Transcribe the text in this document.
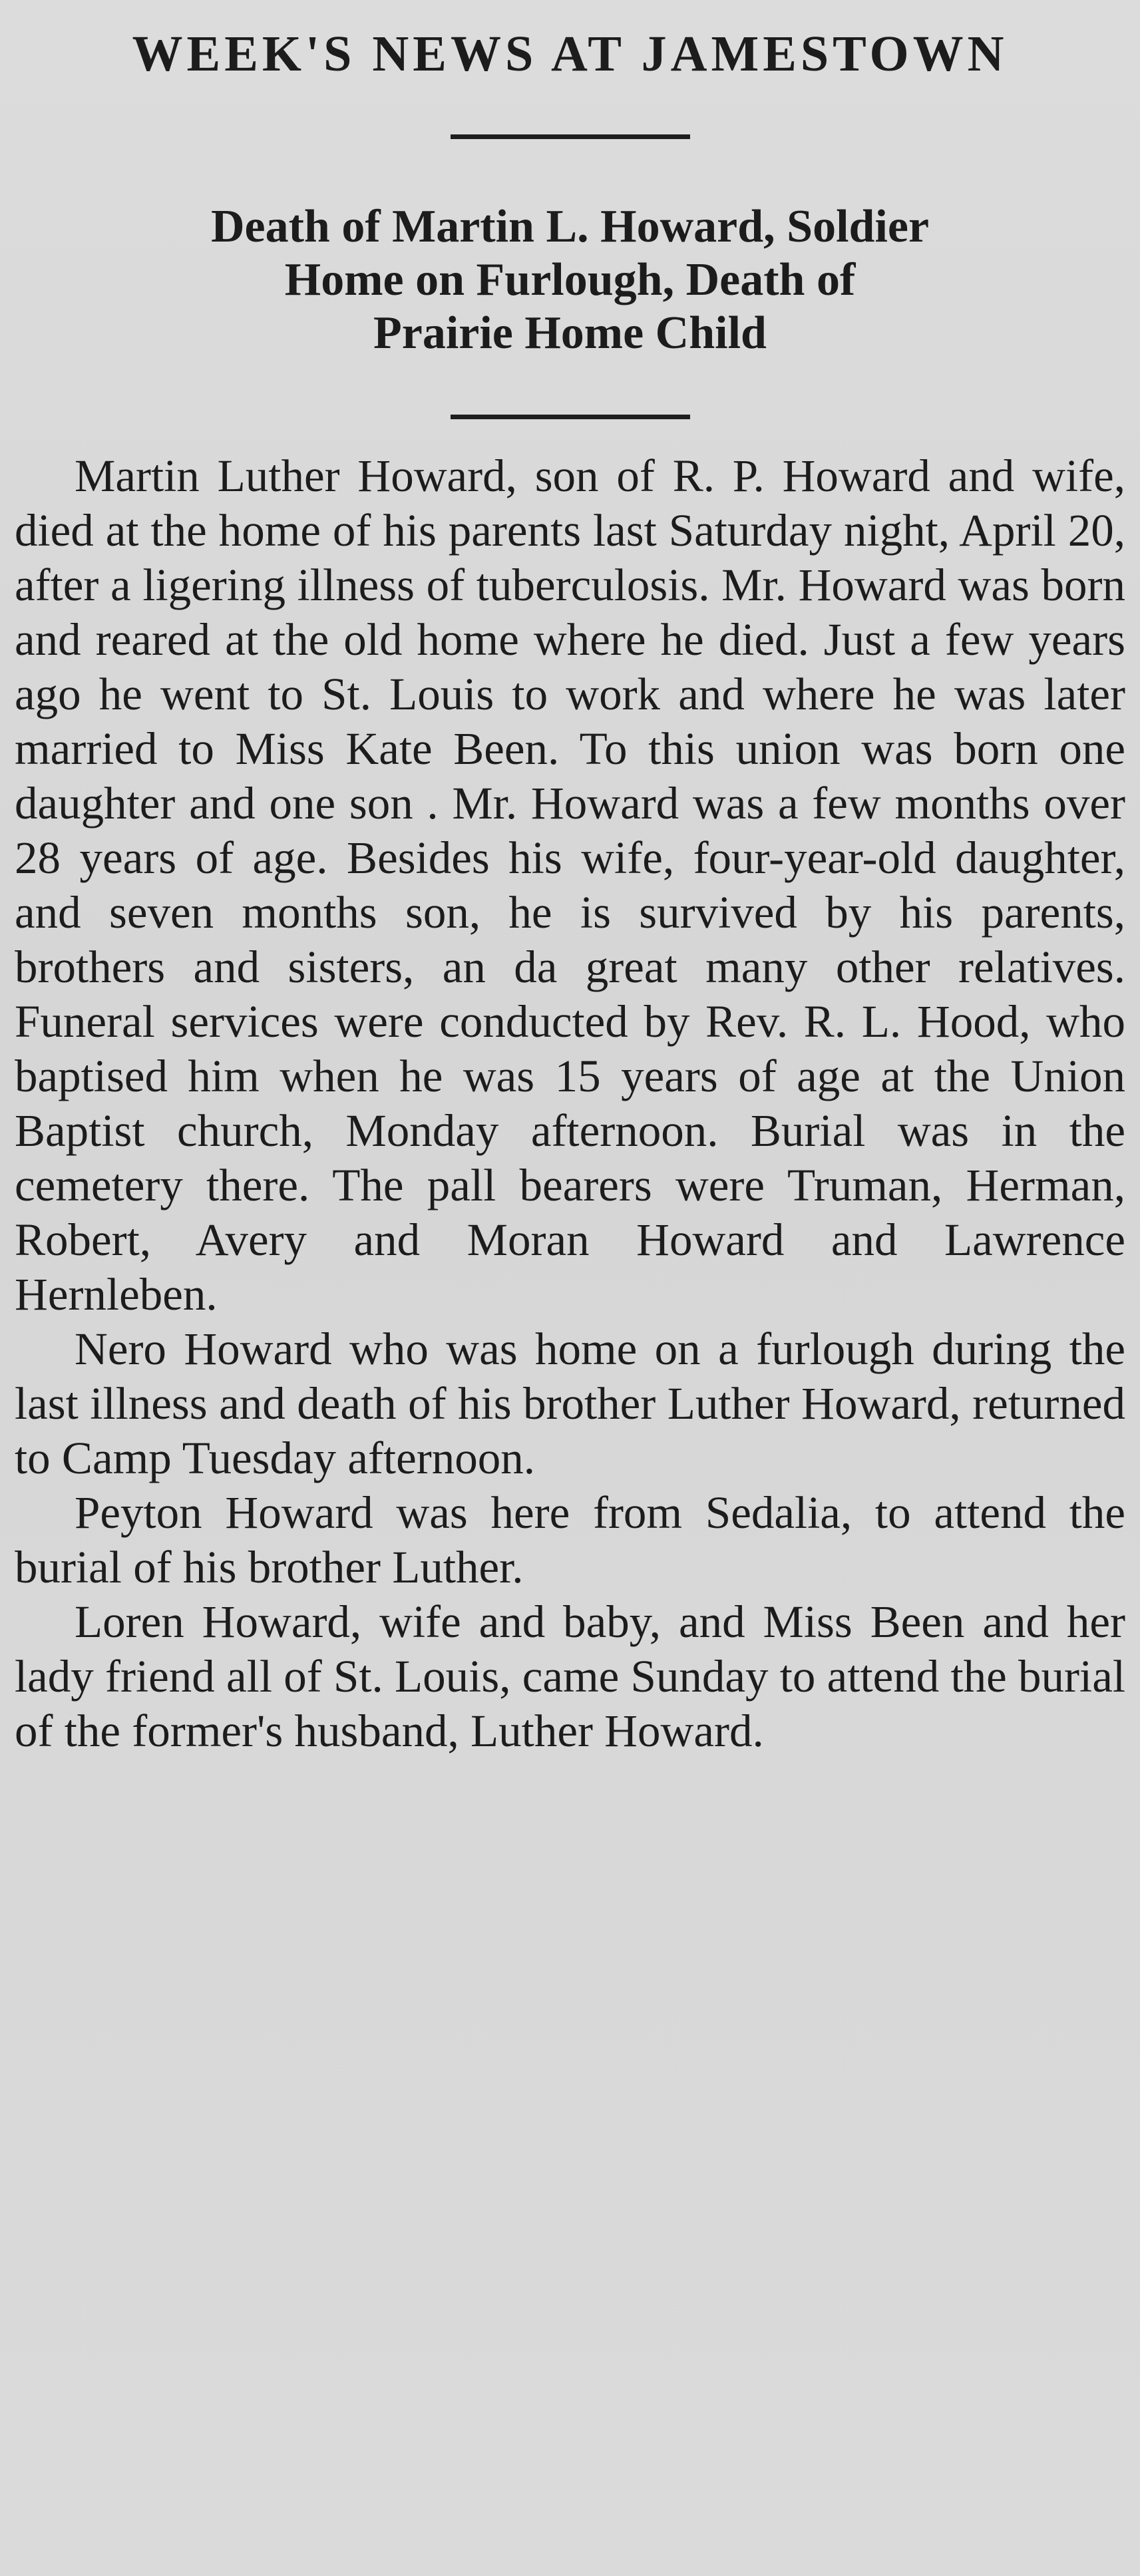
WEEK'S NEWS AT JAMESTOWN
Death of Martin L. Howard, Soldier
Home on Furlough, Death of
Prairie Home Child

Martin Luther Howard, son of R. P. Howard and wife, died at the home of his parents last Saturday night, April 20, after a ligering illness of tuberculosis. Mr. Howard was born and reared at the old home where he died. Just a few years ago he went to St. Louis to work and where he was later married to Miss Kate Been. To this union was born one daughter and one son . Mr. Howard was a few months over 28 years of age. Besides his wife, four-year-old daughter, and seven months son, he is survived by his parents, brothers and sisters, an da great many other relatives. Funeral services were conducted by Rev. R. L. Hood, who baptised him when he was 15 years of age at the Union Baptist church, Monday afternoon. Burial was in the cemetery there. The pall bearers were Truman, Herman, Robert, Avery and Moran Howard and Lawrence Hernleben.

Nero Howard who was home on a furlough during the last illness and death of his brother Luther Howard, returned to Camp Tuesday afternoon.

Peyton Howard was here from Sedalia, to attend the burial of his brother Luther.

Loren Howard, wife and baby, and Miss Been and her lady friend all of St. Louis, came Sunday to attend the burial of the former's husband, Luther Howard.
